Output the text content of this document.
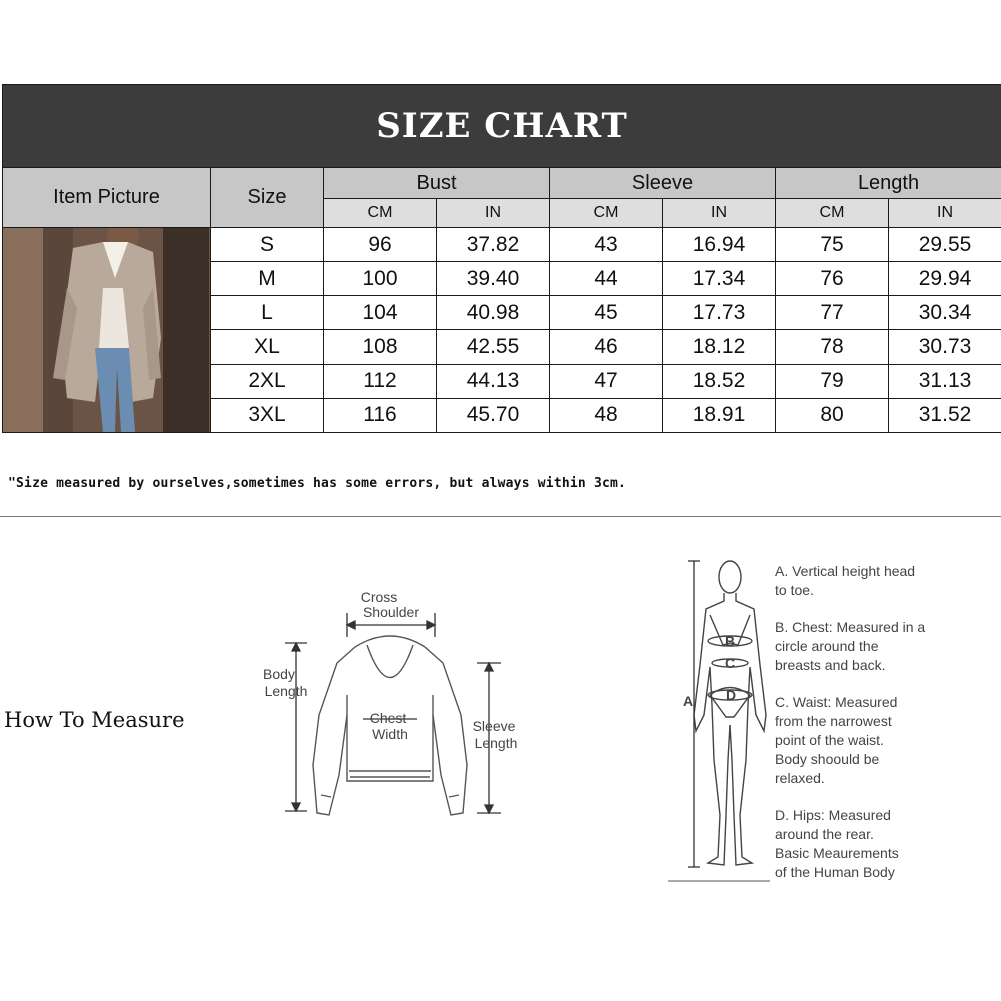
SIZE CHART							
Item Picture	Size	Bust		Sleeve		Length	
		CM	IN	CM	IN	CM	IN

	S	96	37.82	43	16.94	75	29.55
	M	100	39.40	44	17.34	76	29.94
	L	104	40.98	45	17.73	77	30.34
	XL	108	42.55	46	18.12	78	30.73
	2XL	112	44.13	47	18.52	79	31.13
	3XL	116	45.70	48	18.91	80	31.52
"Size measured by ourselves,sometimes has some errors, but always within 3cm.
How To Measure
Cross
Shoulder
Body
Length
Chest
Width	Sleeve
Length
A
B
C
D
A. Vertical height head
to toe.
B. Chest: Measured in a
circle around the
breasts and back.
C. Waist: Measured
from the narrowest
point of the waist.
Body shoould be
relaxed.
D. Hips: Measured
around the rear.
Basic Meaurements
of the Human Body
